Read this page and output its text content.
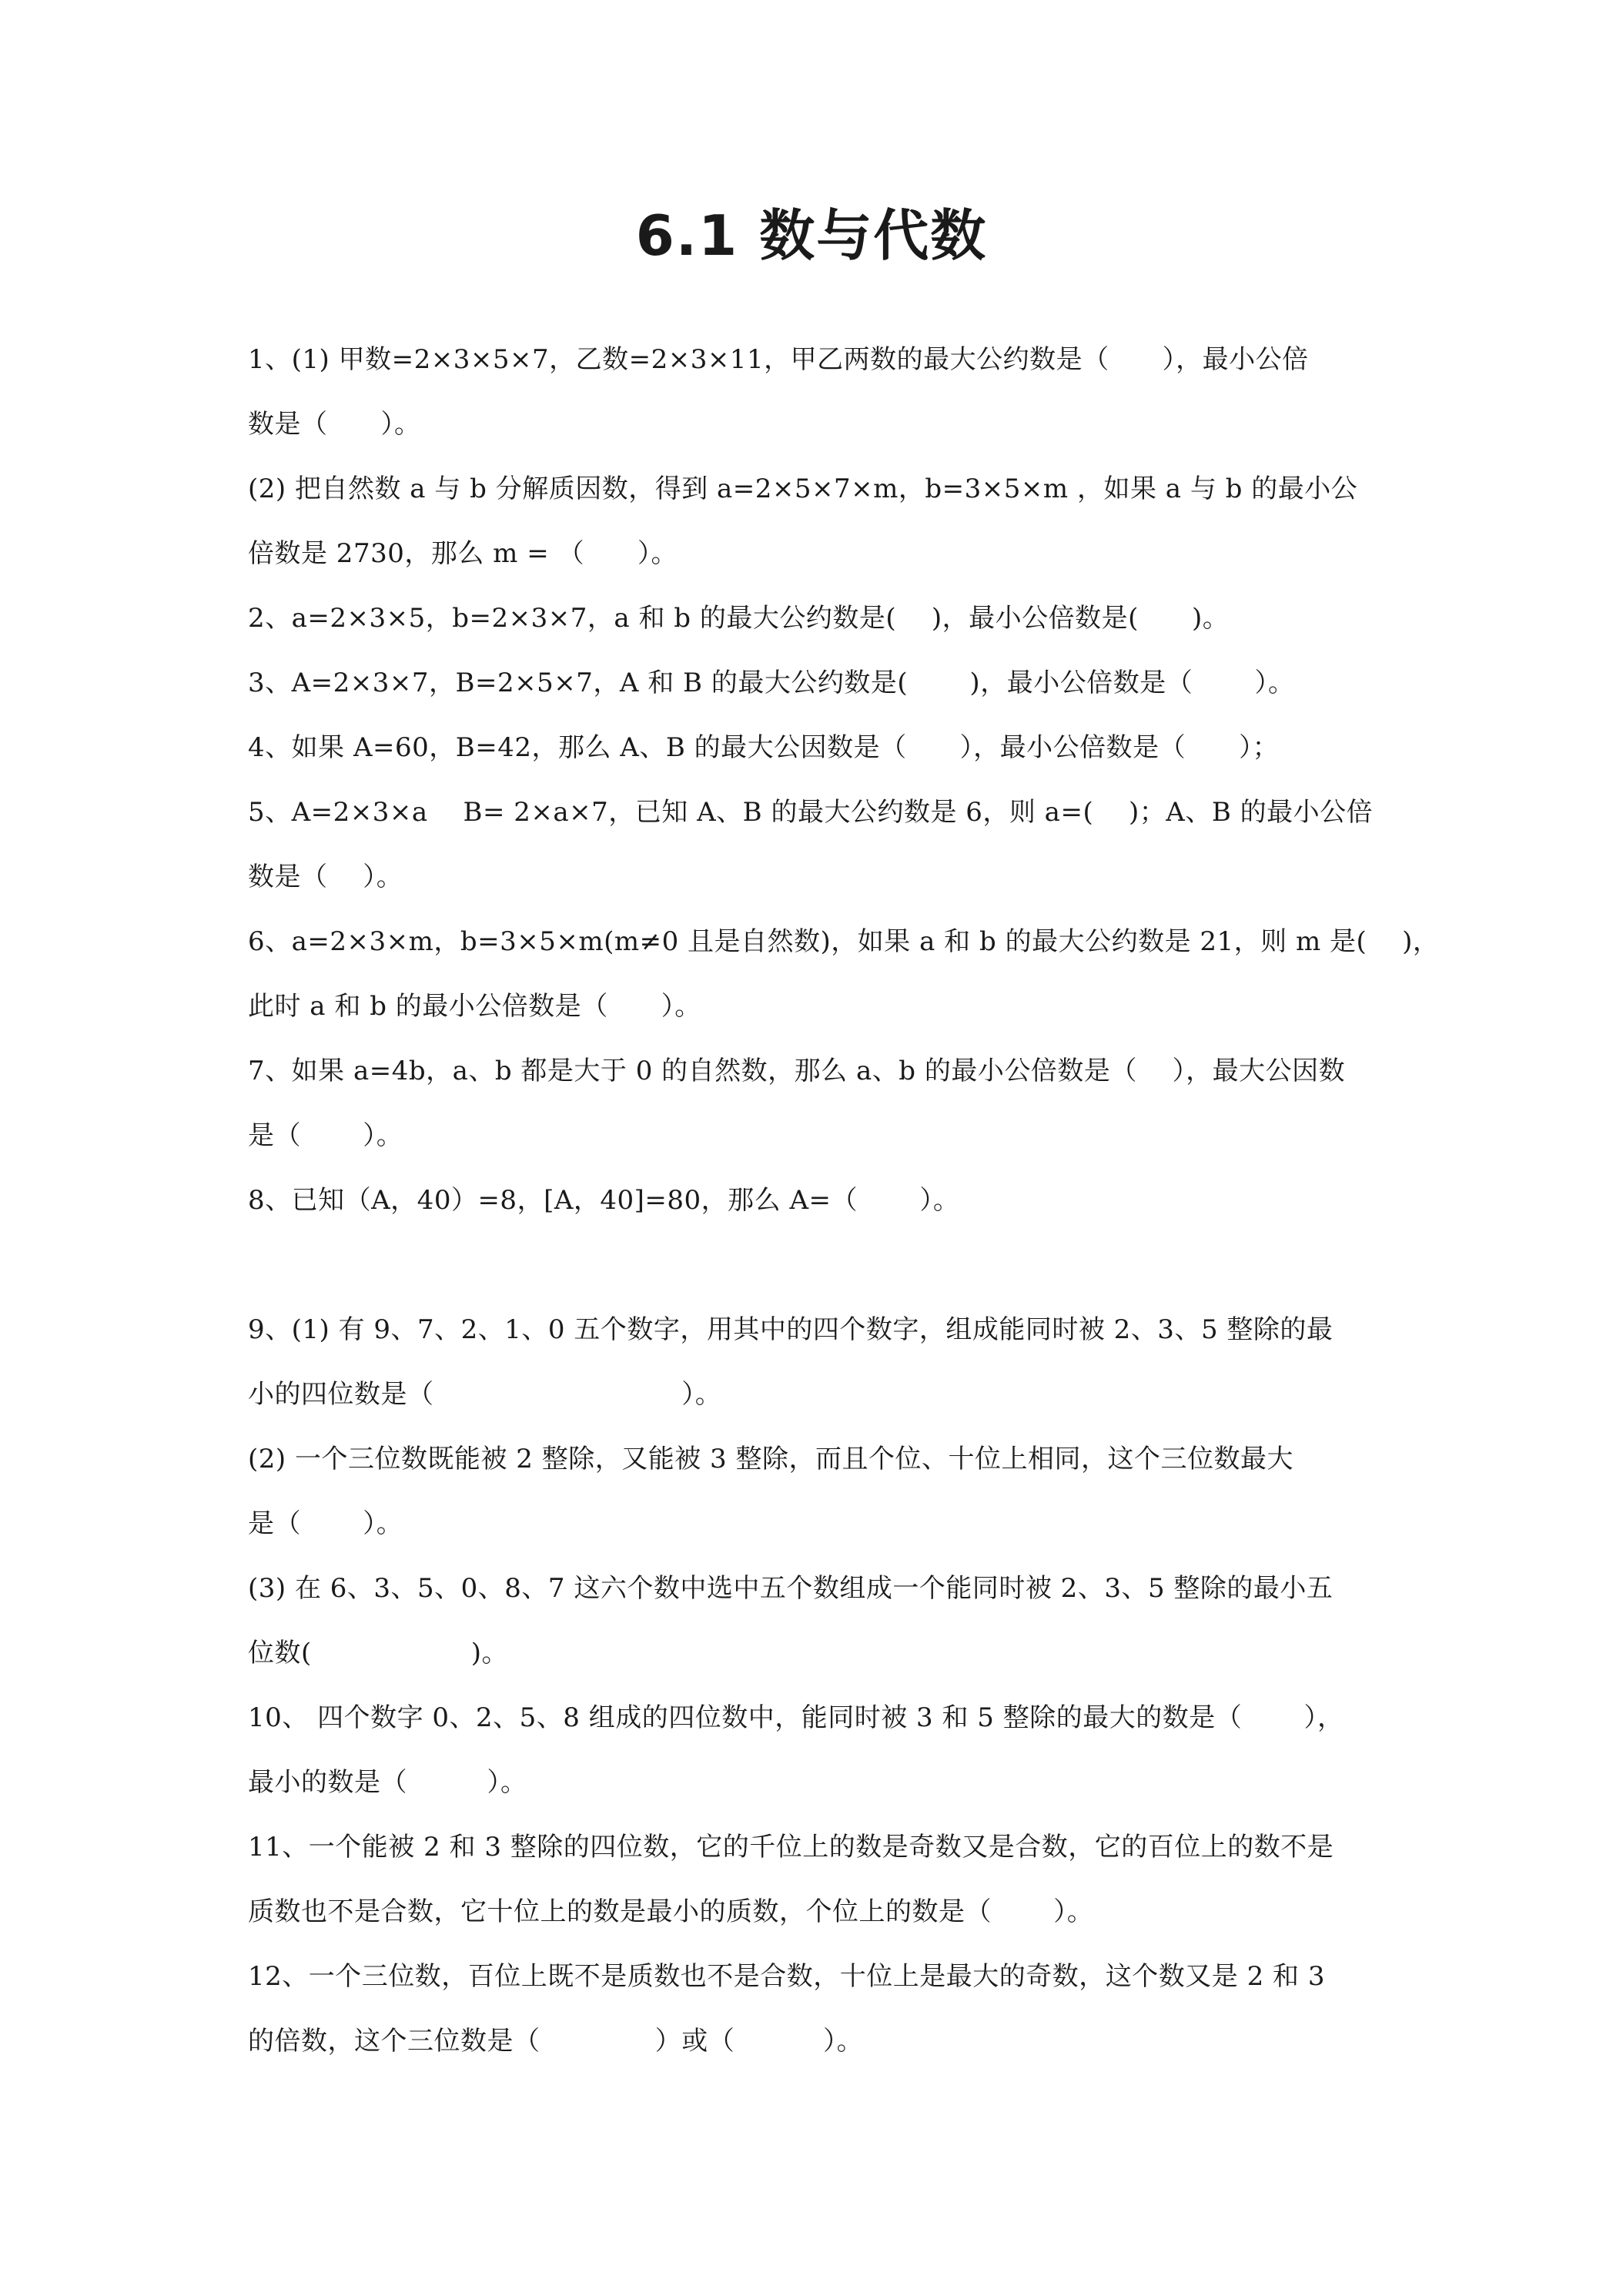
6.1 数与代数
1、(1) 甲数=2×3×5×7，乙数=2×3×11，甲乙两数的最大公约数是（　　），最小公倍
数是（　　）。
(2) 把自然数 a 与 b 分解质因数，得到 a=2×5×7×m，b=3×5×m ，如果 a 与 b 的最小公
倍数是 2730，那么 m = （　　）。
2、a=2×3×5，b=2×3×7，a 和 b 的最大公约数是(　 )，最小公倍数是(　　)。
3、A=2×3×7，B=2×5×7，A 和 B 的最大公约数是(　　 )，最小公倍数是（　　 ）。
4、如果 A=60，B=42，那么 A、B 的最大公因数是（　　），最小公倍数是（　　）；
5、A=2×3×a　 B= 2×a×7，已知 A、B 的最大公约数是 6，则 a=(　 )；A、B 的最小公倍
数是（　 ）。
6、a=2×3×m，b=3×5×m(m≠0 且是自然数)，如果 a 和 b 的最大公约数是 21，则 m 是(　 )，
此时 a 和 b 的最小公倍数是（　　）。
7、如果 a=4b，a、b 都是大于 0 的自然数，那么 a、b 的最小公倍数是（　 ），最大公因数
是（　　 ）。
8、已知（A，40）=8，[A，40]=80，那么 A=（　　 ）。
9、(1) 有 9、7、2、1、0 五个数字，用其中的四个数字，组成能同时被 2、3、5 整除的最
小的四位数是（　　　　　　　　　 ）。
(2) 一个三位数既能被 2 整除，又能被 3 整除，而且个位、十位上相同，这个三位数最大
是（　　 ）。
(3) 在 6、3、5、0、8、7 这六个数中选中五个数组成一个能同时被 2、3、5 整除的最小五
位数(　　　　　　)。
10、 四个数字 0、2、5、8 组成的四位数中，能同时被 3 和 5 整除的最大的数是（　　 ），
最小的数是（　　　）。
11、一个能被 2 和 3 整除的四位数，它的千位上的数是奇数又是合数，它的百位上的数不是
质数也不是合数，它十位上的数是最小的质数，个位上的数是（　　 ）。
12、一个三位数，百位上既不是质数也不是合数，十位上是最大的奇数，这个数又是 2 和 3
的倍数，这个三位数是（　　　　 ）或（　　　 ）。
